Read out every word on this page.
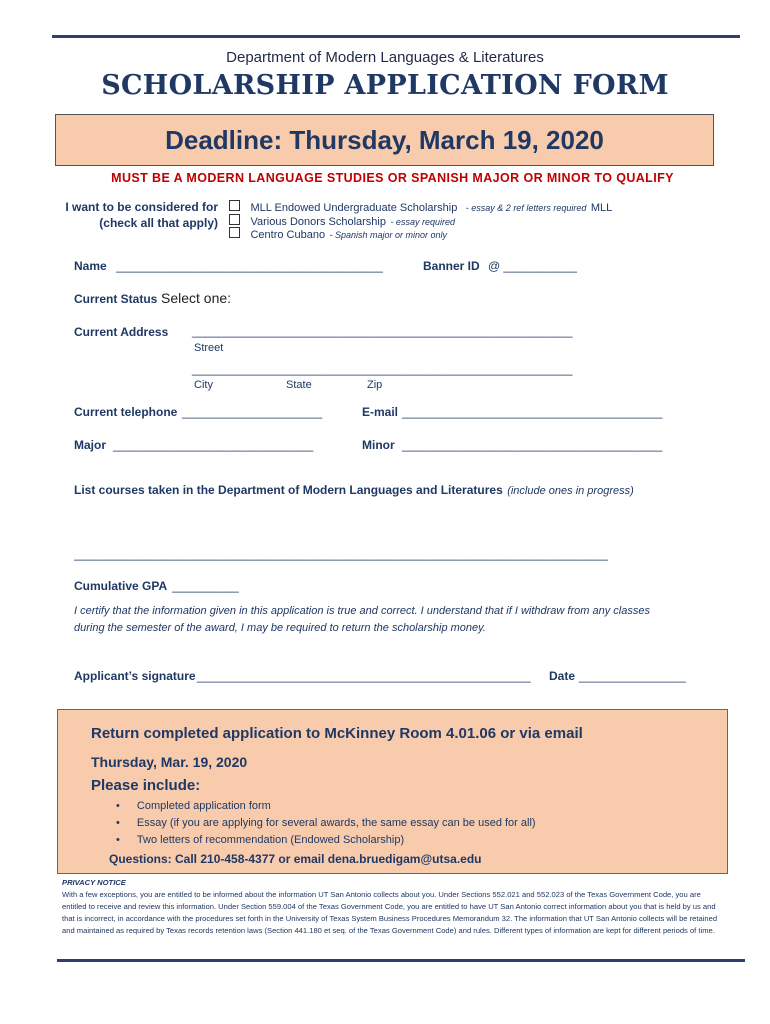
Department of Modern Languages & Literatures
SCHOLARSHIP APPLICATION FORM
Deadline: Thursday, March 19, 2020
MUST BE A MODERN LANGUAGE STUDIES OR SPANISH MAJOR OR MINOR TO QUALIFY
I want to be considered for
(check all that apply)
MLL Endowed Undergraduate Scholarship - essay & 2 ref letters required MLL
Various Donors Scholarship - essay required
Centro Cubano - Spanish major or minor only
Name ________________________________________	Banner ID @ ___________
Current Status Select one:
Current Address _________________________________________________________
Street
_________________________________________________________
City	State	Zip
Current telephone _____________________	E-mail _______________________________________
Major ______________________________	Minor _______________________________________
List courses taken in the Department of Modern Languages and Literatures (include ones in progress)
________________________________________________________________________________
Cumulative GPA __________
I certify that the information given in this application is true and correct. I understand that if I withdraw from any classes
during the semester of the award, I may be required to return the scholarship money.
Applicant’s signature __________________________________________________ Date ________________
Return completed application to McKinney Room 4.01.06 or via email
Thursday, Mar. 19, 2020
Please include:
• Completed application form
• Essay (if you are applying for several awards, the same essay can be used for all)
• Two letters of recommendation (Endowed Scholarship)
Questions: Call 210-458-4377 or email dena.bruedigam@utsa.edu
PRIVACY NOTICE
With a few exceptions, you are entitled to be informed about the information UT San Antonio collects about you. Under Sections 552.021 and 552.023 of the Texas Government Code, you are entitled to receive and review this information. Under Section 559.004 of the Texas Government Code, you are entitled to have UT San Antonio correct information about you that is held by us and that is incorrect, in accordance with the procedures set forth in the University of Texas System Business Procedures Memorandum 32. The information that UT San Antonio collects will be retained and maintained as required by Texas records retention laws (Section 441.180 et seq. of the Texas Government Code) and rules. Different types of information are kept for different periods of time.
